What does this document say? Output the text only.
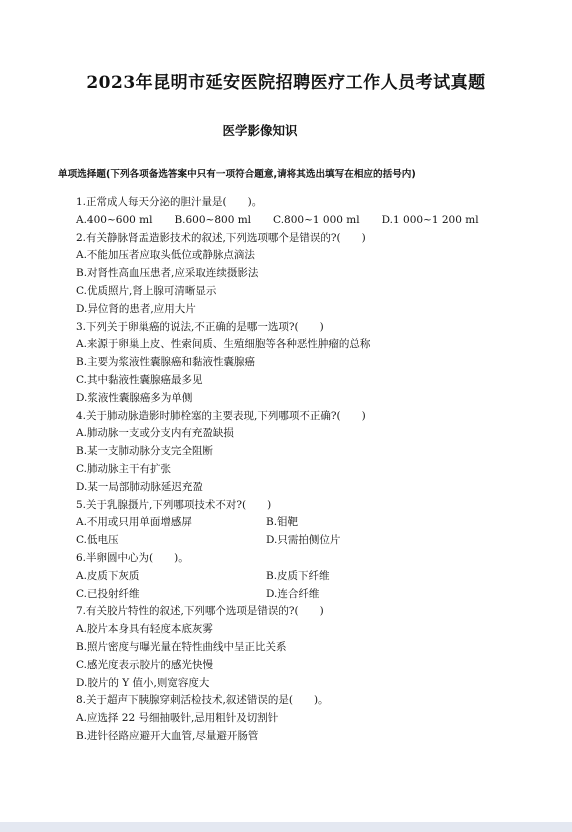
2023年昆明市延安医院招聘医疗工作人员考试真题
医学影像知识
单项选择题(下列各项备选答案中只有一项符合题意,请将其选出填写在相应的括号内)
1.正常成人每天分泌的胆汁量是(　　)。
A.400~600 ml B.600~800 ml C.800~1 000 ml D.1 000~1 200 ml
2.有关静脉肾盂造影技术的叙述,下列选项哪个是错误的?(　　)
A.不能加压者应取头低位或静脉点滴法
B.对肾性高血压患者,应采取连续摄影法
C.优质照片,肾上腺可清晰显示
D.异位肾的患者,应用大片
3.下列关于卵巢癌的说法,不正确的是哪一选项?(　　)
A.来源于卵巢上皮、性索间质、生殖细胞等各种恶性肿瘤的总称
B.主要为浆液性囊腺癌和黏液性囊腺癌
C.其中黏液性囊腺癌最多见
D.浆液性囊腺癌多为单侧
4.关于肺动脉造影时肺栓塞的主要表现,下列哪项不正确?(　　)
A.肺动脉一支或分支内有充盈缺损
B.某一支肺动脉分支完全阻断
C.肺动脉主干有扩张
D.某一局部肺动脉延迟充盈
5.关于乳腺摄片,下列哪项技术不对?(　　)
A.不用或只用单面增感屏	B.钼靶
C.低电压	D.只需拍侧位片
6.半卵圆中心为(　　)。
A.皮质下灰质	B.皮质下纤维
C.已投射纤维	D.连合纤维
7.有关胶片特性的叙述,下列哪个选项是错误的?(　　)
A.胶片本身具有轻度本底灰雾
B.照片密度与曝光量在特性曲线中呈正比关系
C.感光度表示胶片的感光快慢
D.胶片的 Y 值小,则宽容度大
8.关于超声下胰腺穿刺活检技术,叙述错误的是(　　)。
A.应选择 22 号细抽吸针,忌用粗针及切割针
B.进针径路应避开大血管,尽量避开肠管
